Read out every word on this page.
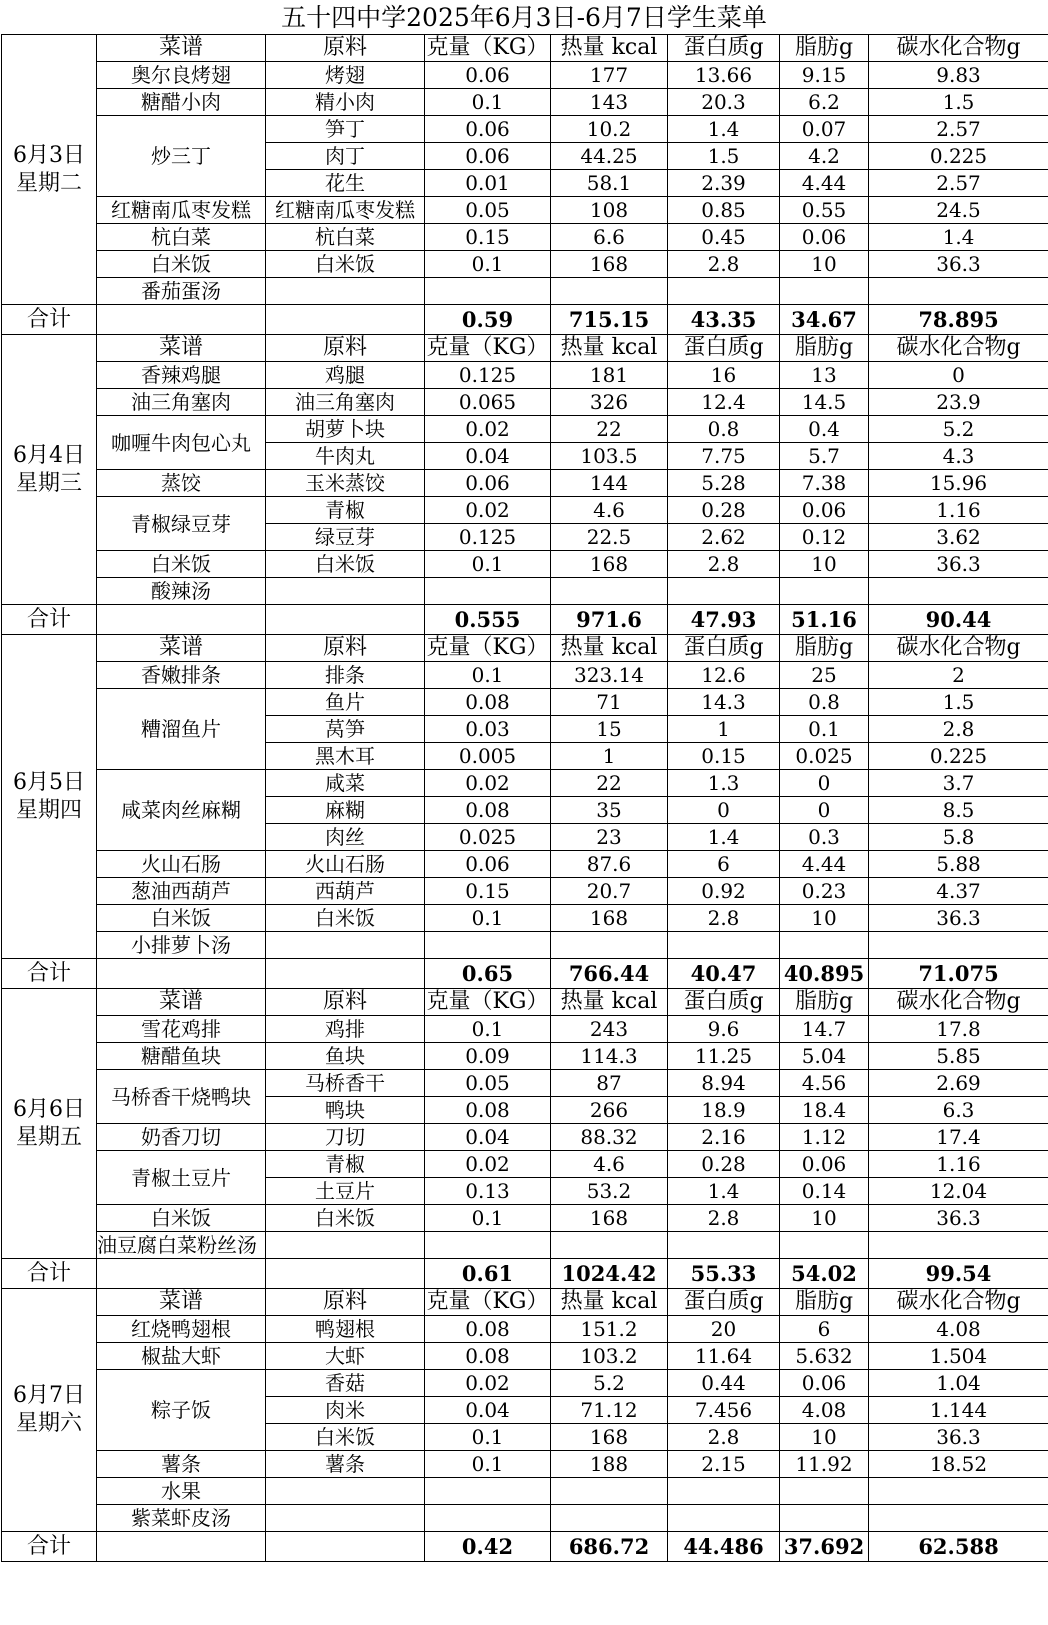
五十四中学2025年6月3日-6月7日学生菜单
6月3日
星期二	菜谱	原料	克量（KG）	热量 kcal	蛋白质g	脂肪g	碳水化合物g
	奥尔良烤翅	烤翅	0.06	177	13.66	9.15	9.83
	糖醋小肉	精小肉	0.1	143	20.3	6.2	1.5
	炒三丁	笋丁	0.06	10.2	1.4	0.07	2.57
		肉丁	0.06	44.25	1.5	4.2	0.225
		花生	0.01	58.1	2.39	4.44	2.57
	红糖南瓜枣发糕	红糖南瓜枣发糕	0.05	108	0.85	0.55	24.5
	杭白菜	杭白菜	0.15	6.6	0.45	0.06	1.4
	白米饭	白米饭	0.1	168	2.8	10	36.3
	番茄蛋汤						
合计			0.59	715.15	43.35	34.67	78.895

6月4日
星期三	菜谱	原料	克量（KG）	热量 kcal	蛋白质g	脂肪g	碳水化合物g
	香辣鸡腿	鸡腿	0.125	181	16	13	0
	油三角塞肉	油三角塞肉	0.065	326	12.4	14.5	23.9
	咖喱牛肉包心丸	胡萝卜块	0.02	22	0.8	0.4	5.2
		牛肉丸	0.04	103.5	7.75	5.7	4.3
	蒸饺	玉米蒸饺	0.06	144	5.28	7.38	15.96
	青椒绿豆芽	青椒	0.02	4.6	0.28	0.06	1.16
		绿豆芽	0.125	22.5	2.62	0.12	3.62
	白米饭	白米饭	0.1	168	2.8	10	36.3
	酸辣汤						
合计			0.555	971.6	47.93	51.16	90.44

6月5日
星期四	菜谱	原料	克量（KG）	热量 kcal	蛋白质g	脂肪g	碳水化合物g
	香嫩排条	排条	0.1	323.14	12.6	25	2
	糟溜鱼片	鱼片	0.08	71	14.3	0.8	1.5
		莴笋	0.03	15	1	0.1	2.8
		黑木耳	0.005	1	0.15	0.025	0.225
	咸菜肉丝麻糊	咸菜	0.02	22	1.3	0	3.7
		麻糊	0.08	35	0	0	8.5
		肉丝	0.025	23	1.4	0.3	5.8
	火山石肠	火山石肠	0.06	87.6	6	4.44	5.88
	葱油西葫芦	西葫芦	0.15	20.7	0.92	0.23	4.37
	白米饭	白米饭	0.1	168	2.8	10	36.3
	小排萝卜汤						
合计			0.65	766.44	40.47	40.895	71.075

6月6日
星期五	菜谱	原料	克量（KG）	热量 kcal	蛋白质g	脂肪g	碳水化合物g
	雪花鸡排	鸡排	0.1	243	9.6	14.7	17.8
	糖醋鱼块	鱼块	0.09	114.3	11.25	5.04	5.85
	马桥香干烧鸭块	马桥香干	0.05	87	8.94	4.56	2.69
		鸭块	0.08	266	18.9	18.4	6.3
	奶香刀切	刀切	0.04	88.32	2.16	1.12	17.4
	青椒土豆片	青椒	0.02	4.6	0.28	0.06	1.16
		土豆片	0.13	53.2	1.4	0.14	12.04
	白米饭	白米饭	0.1	168	2.8	10	36.3
	油豆腐白菜粉丝汤						
合计			0.61	1024.42	55.33	54.02	99.54

6月7日
星期六	菜谱	原料	克量（KG）	热量 kcal	蛋白质g	脂肪g	碳水化合物g
	红烧鸭翅根	鸭翅根	0.08	151.2	20	6	4.08
	椒盐大虾	大虾	0.08	103.2	11.64	5.632	1.504
	粽子饭	香菇	0.02	5.2	0.44	0.06	1.04
		肉米	0.04	71.12	7.456	4.08	1.144
		白米饭	0.1	168	2.8	10	36.3
	薯条	薯条	0.1	188	2.15	11.92	18.52
	水果						
	紫菜虾皮汤						
合计			0.42	686.72	44.486	37.692	62.588
